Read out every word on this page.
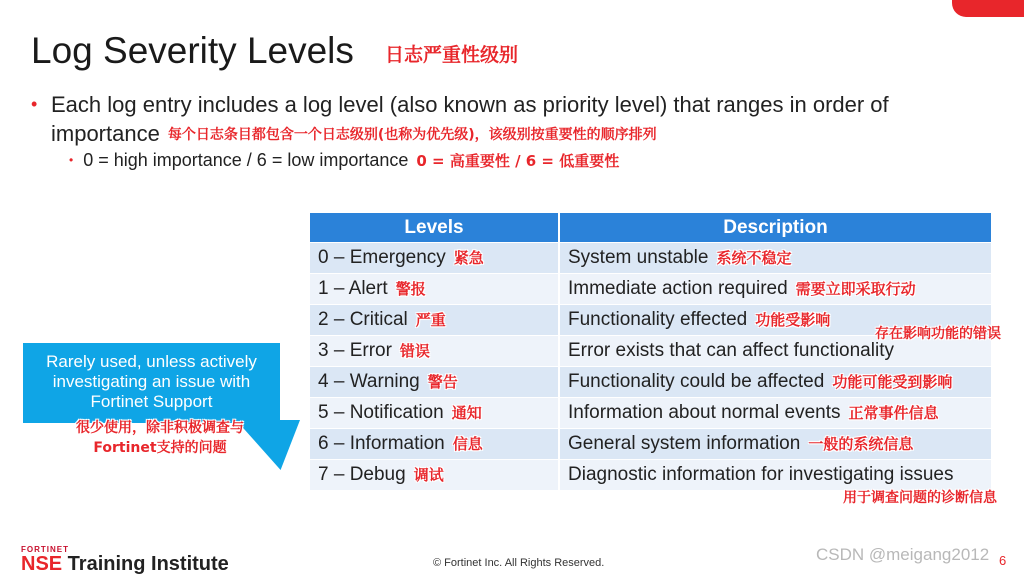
Log Severity Levels 日志严重性级别
• Each log entry includes a log level (also known as priority level) that ranges in order of importance 每个日志条目都包含一个日志级别(也称为优先级)，该级别按重要性的顺序排列
• 0 = high importance / 6 = low importance 0 = 高重要性 / 6 = 低重要性
Levels	Description
0 – Emergency 紧急	System unstable 系统不稳定
1 – Alert 警报	Immediate action required 需要立即采取行动
2 – Critical 严重	Functionality effected 功能受影响
3 – Error 错误	Error exists that can affect functionality
4 – Warning 警告	Functionality could be affected 功能可能受到影响
5 – Notification 通知	Information about normal events 正常事件信息
6 – Information 信息	General system information 一般的系统信息
7 – Debug 调试	Diagnostic information for investigating issues
存在影响功能的错误
用于调查问题的诊断信息
Rarely used, unless actively investigating an issue with Fortinet Support
很少使用，除非积极调查与Fortinet支持的问题
FORTINET
NSE Training Institute	© Fortinet Inc. All Rights Reserved.	CSDN @meigang2012 6
